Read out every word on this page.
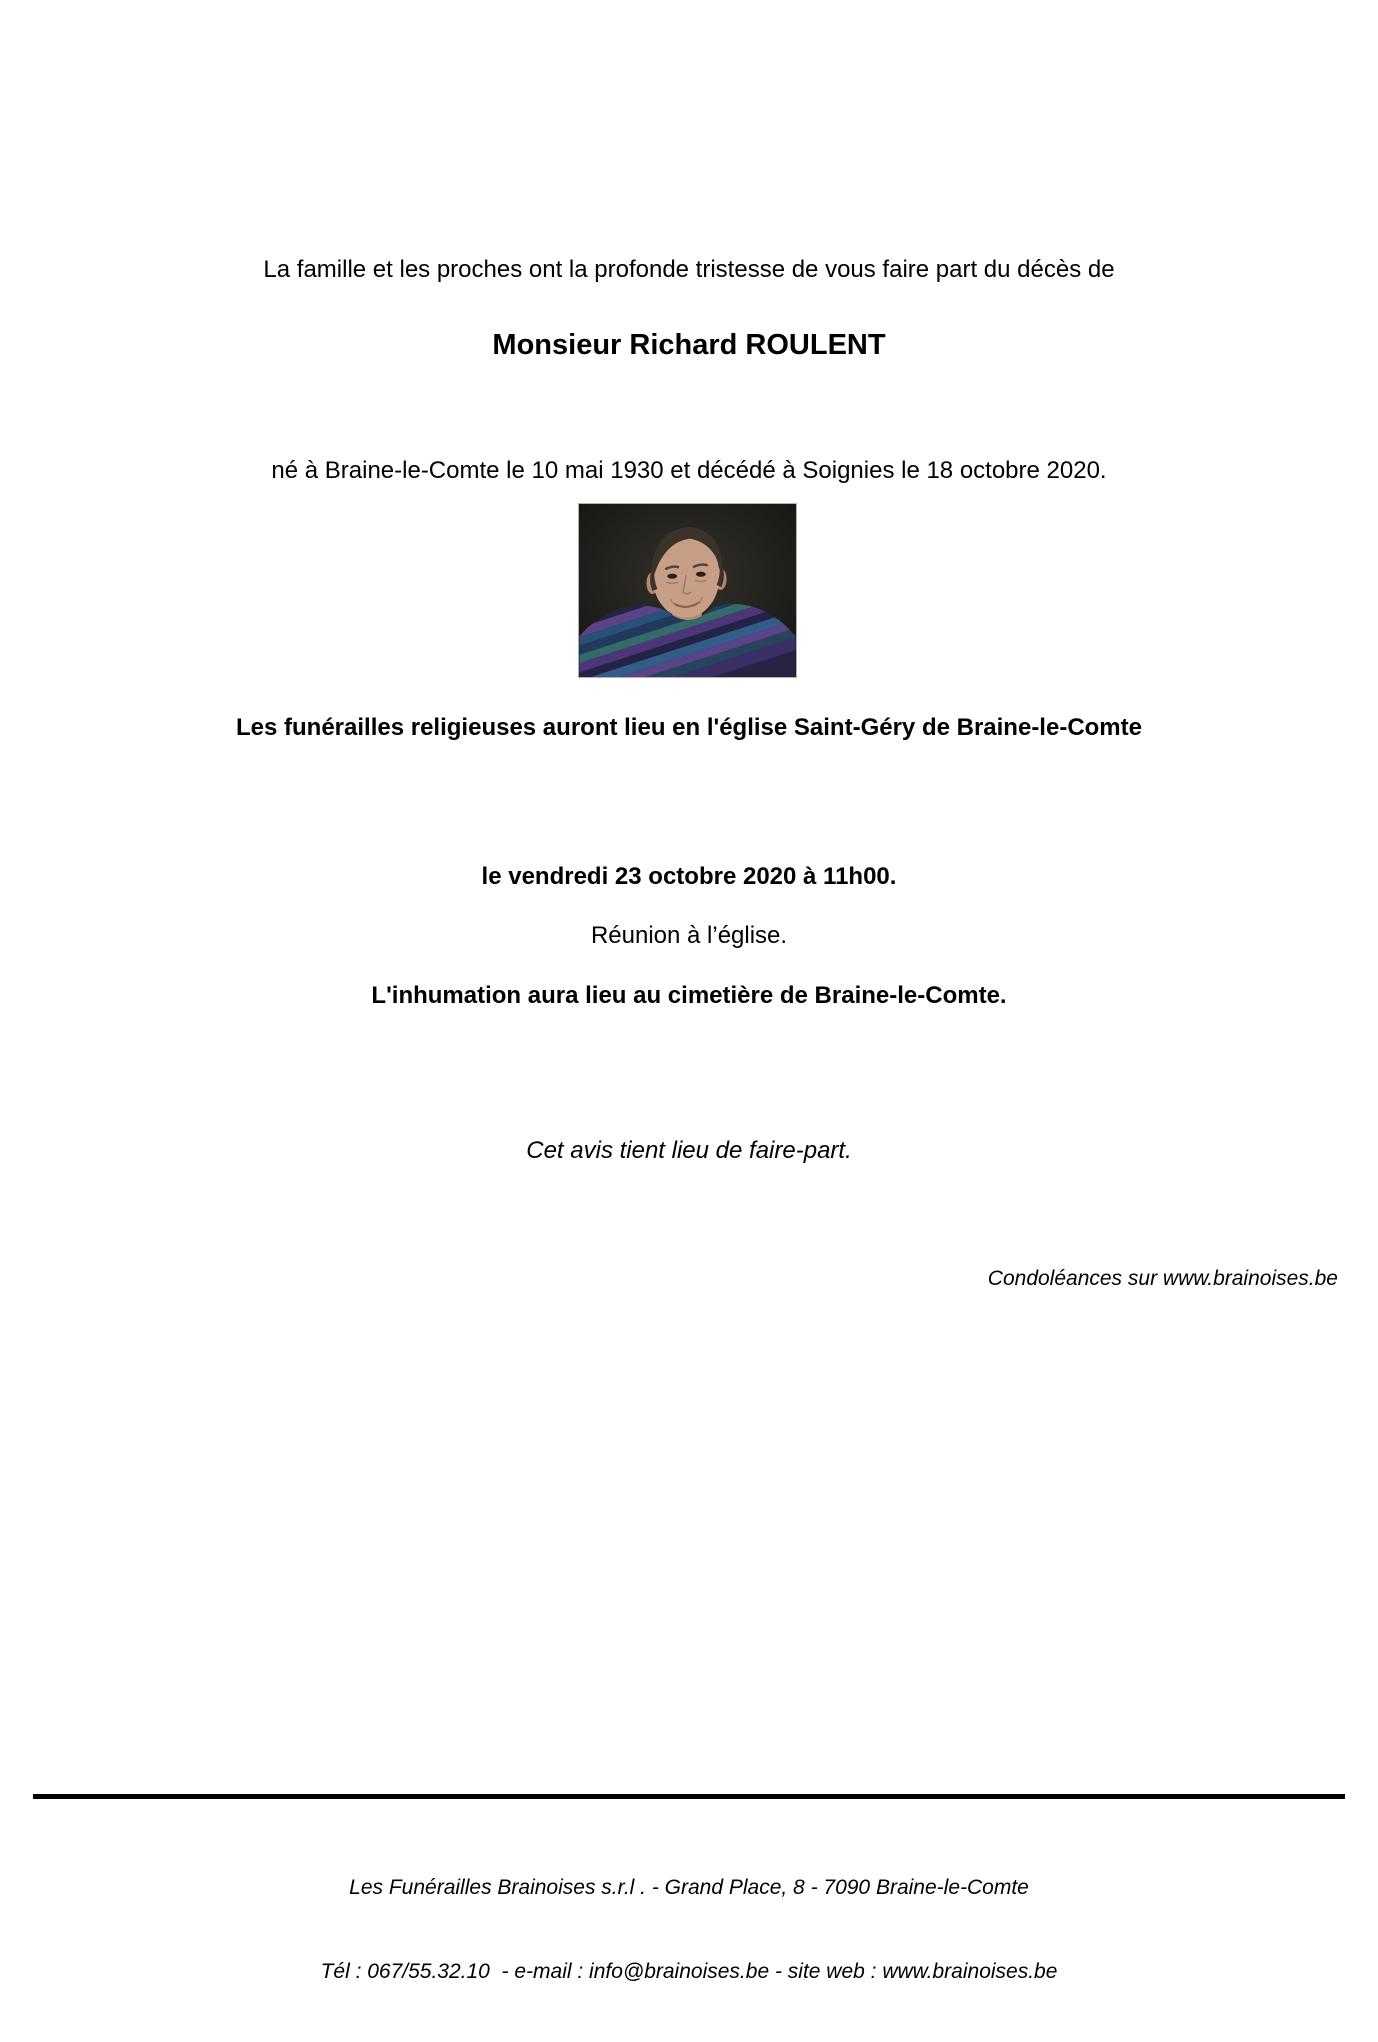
La famille et les proches ont la profonde tristesse de vous faire part du décès de
Monsieur Richard ROULENT
né à Braine-le-Comte le 10 mai 1930 et décédé à Soignies le 18 octobre 2020.
Les funérailles religieuses auront lieu en l'église Saint-Géry de Braine-le-Comte
le vendredi 23 octobre 2020 à 11h00.
Réunion à l’église.
L'inhumation aura lieu au cimetière de Braine-le-Comte.
Cet avis tient lieu de faire-part.
Condoléances sur www.brainoises.be

Les Funérailles Brainoises s.r.l . - Grand Place, 8 - 7090 Braine-le-Comte

Tél : 067/55.32.10  - e-mail : info@brainoises.be - site web : www.brainoises.be
